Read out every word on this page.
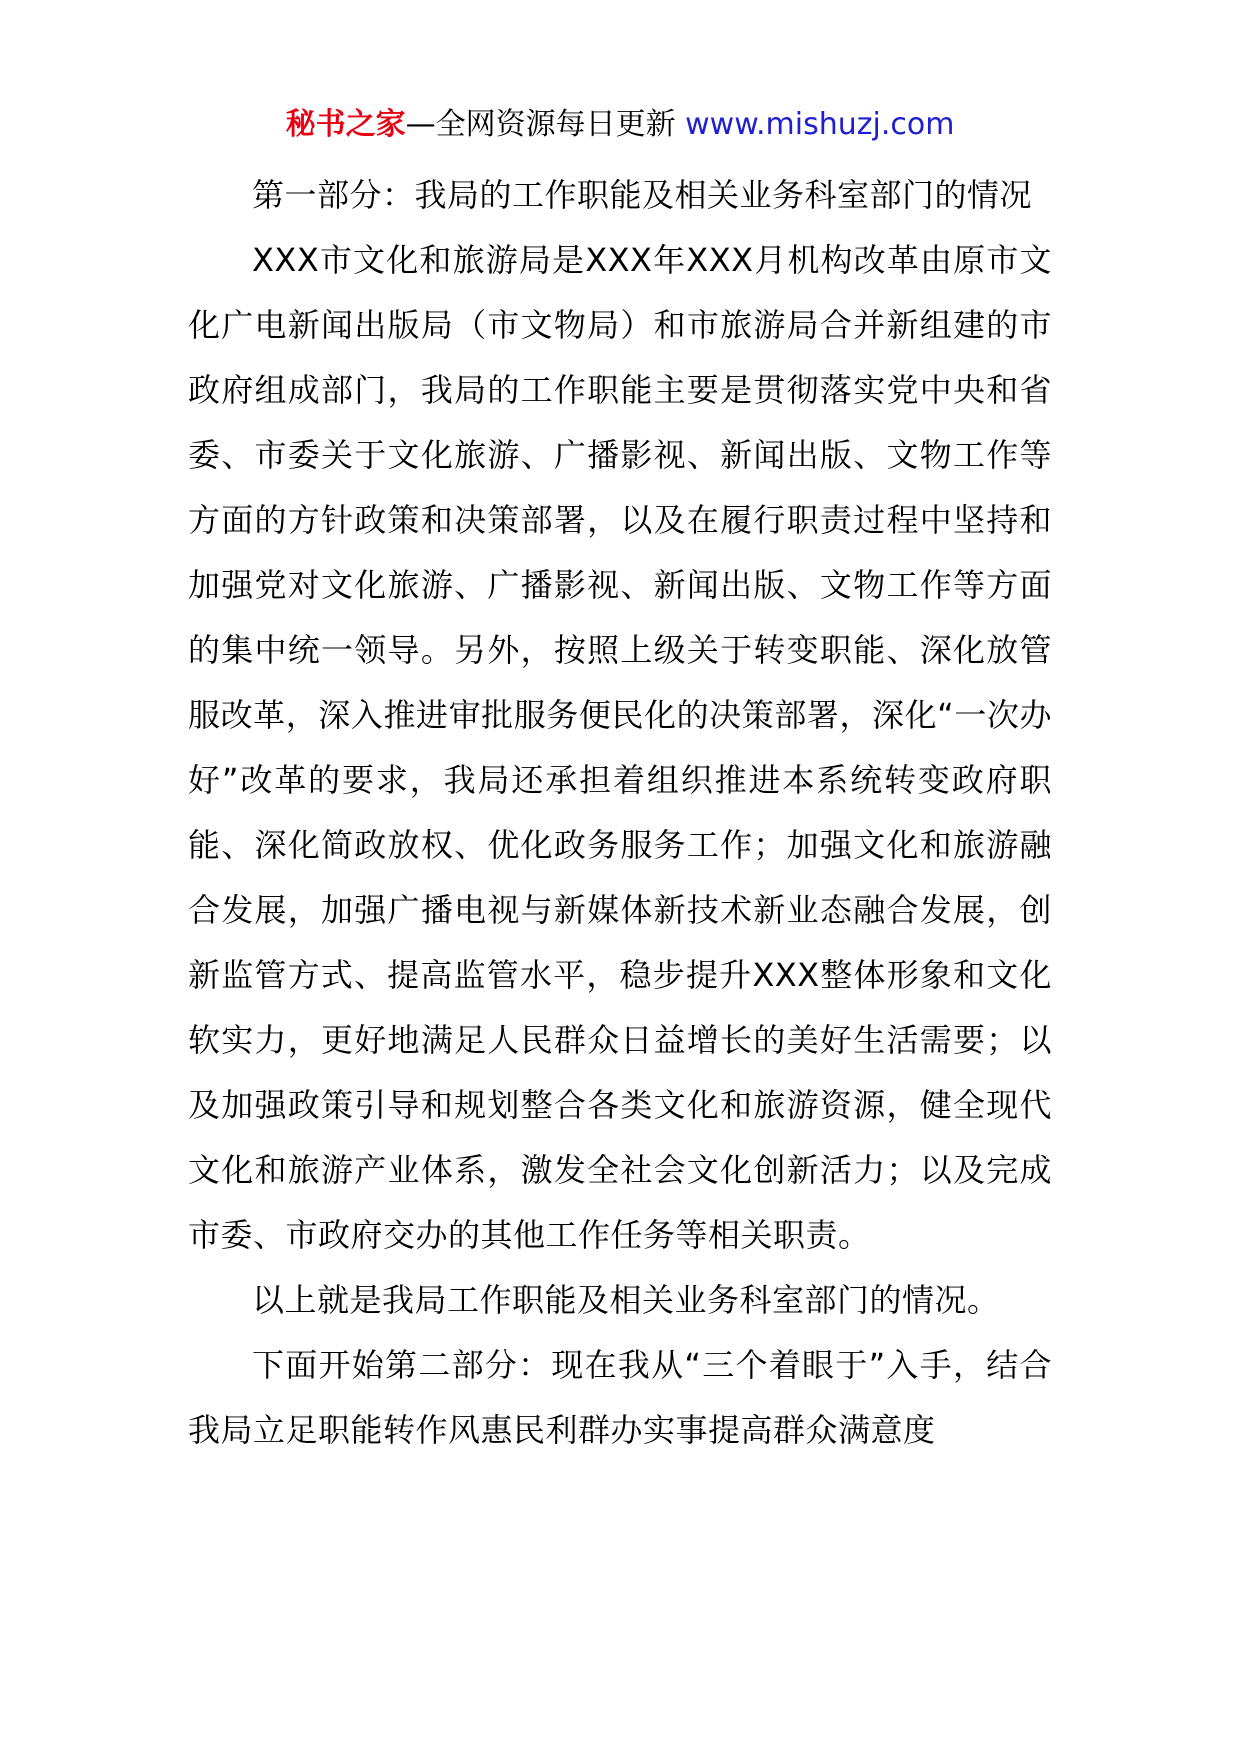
秘书之家—全网资源每日更新 www.mishuzj.com

第一部分：我局的工作职能及相关业务科室部门的情况

XXX市文化和旅游局是XXX年XXX月机构改革由原市文化广电新闻出版局（市文物局）和市旅游局合并新组建的市政府组成部门，我局的工作职能主要是贯彻落实党中央和省委、市委关于文化旅游、广播影视、新闻出版、文物工作等方面的方针政策和决策部署，以及在履行职责过程中坚持和加强党对文化旅游、广播影视、新闻出版、文物工作等方面的集中统一领导。另外，按照上级关于转变职能、深化放管服改革，深入推进审批服务便民化的决策部署，深化“一次办好”改革的要求，我局还承担着组织推进本系统转变政府职能、深化简政放权、优化政务服务工作；加强文化和旅游融合发展，加强广播电视与新媒体新技术新业态融合发展，创新监管方式、提高监管水平，稳步提升XXX整体形象和文化软实力，更好地满足人民群众日益增长的美好生活需要；以及加强政策引导和规划整合各类文化和旅游资源，健全现代文化和旅游产业体系，激发全社会文化创新活力；以及完成市委、市政府交办的其他工作任务等相关职责。

以上就是我局工作职能及相关业务科室部门的情况。

下面开始第二部分：现在我从“三个着眼于”入手，结合我局立足职能转作风惠民利群办实事提高群众满意度
